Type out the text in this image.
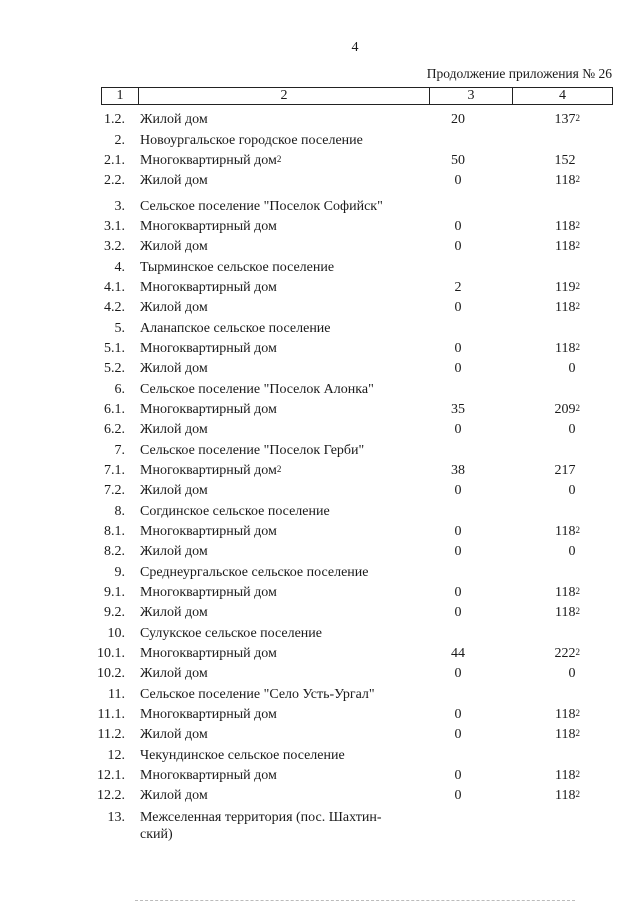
4
Продолжение приложения № 26
1	2	3	4
1.2. Жилой дом	20	$137^2$
2. Новоургальское городское поселение
2.1. Многоквартирный дом$^2$	50	152
2.2. Жилой дом	0	$118^2$
3. Сельское поселение "Поселок Софийск"
3.1. Многоквартирный дом	0	$118^2$
3.2. Жилой дом	0	$118^2$
4. Тырминское сельское поселение
4.1. Многоквартирный дом	2	$119^2$
4.2. Жилой дом	0	$118^2$
5. Аланапское сельское поселение
5.1. Многоквартирный дом	0	$118^2$
5.2. Жилой дом	0	0
6. Сельское поселение "Поселок Алонка"
6.1. Многоквартирный дом	35	$209^2$
6.2. Жилой дом	0	0
7. Сельское поселение "Поселок Герби"
7.1. Многоквартирный дом$^2$	38	217
7.2. Жилой дом	0	0
8. Согдинское сельское поселение
8.1. Многоквартирный дом	0	$118^2$
8.2. Жилой дом	0	0
9. Среднеургальское сельское поселение
9.1. Многоквартирный дом	0	$118^2$
9.2. Жилой дом	0	$118^2$
10. Сулукское сельское поселение
10.1. Многоквартирный дом	44	$222^2$
10.2. Жилой дом	0	0
11. Сельское поселение "Село Усть-Ургал"
11.1. Многоквартирный дом	0	$118^2$
11.2. Жилой дом	0	$118^2$
12. Чекундинское сельское поселение
12.1. Многоквартирный дом	0	$118^2$
12.2. Жилой дом	0	$118^2$
13. Межселенная территория (пос. Шахтин-
ский)
